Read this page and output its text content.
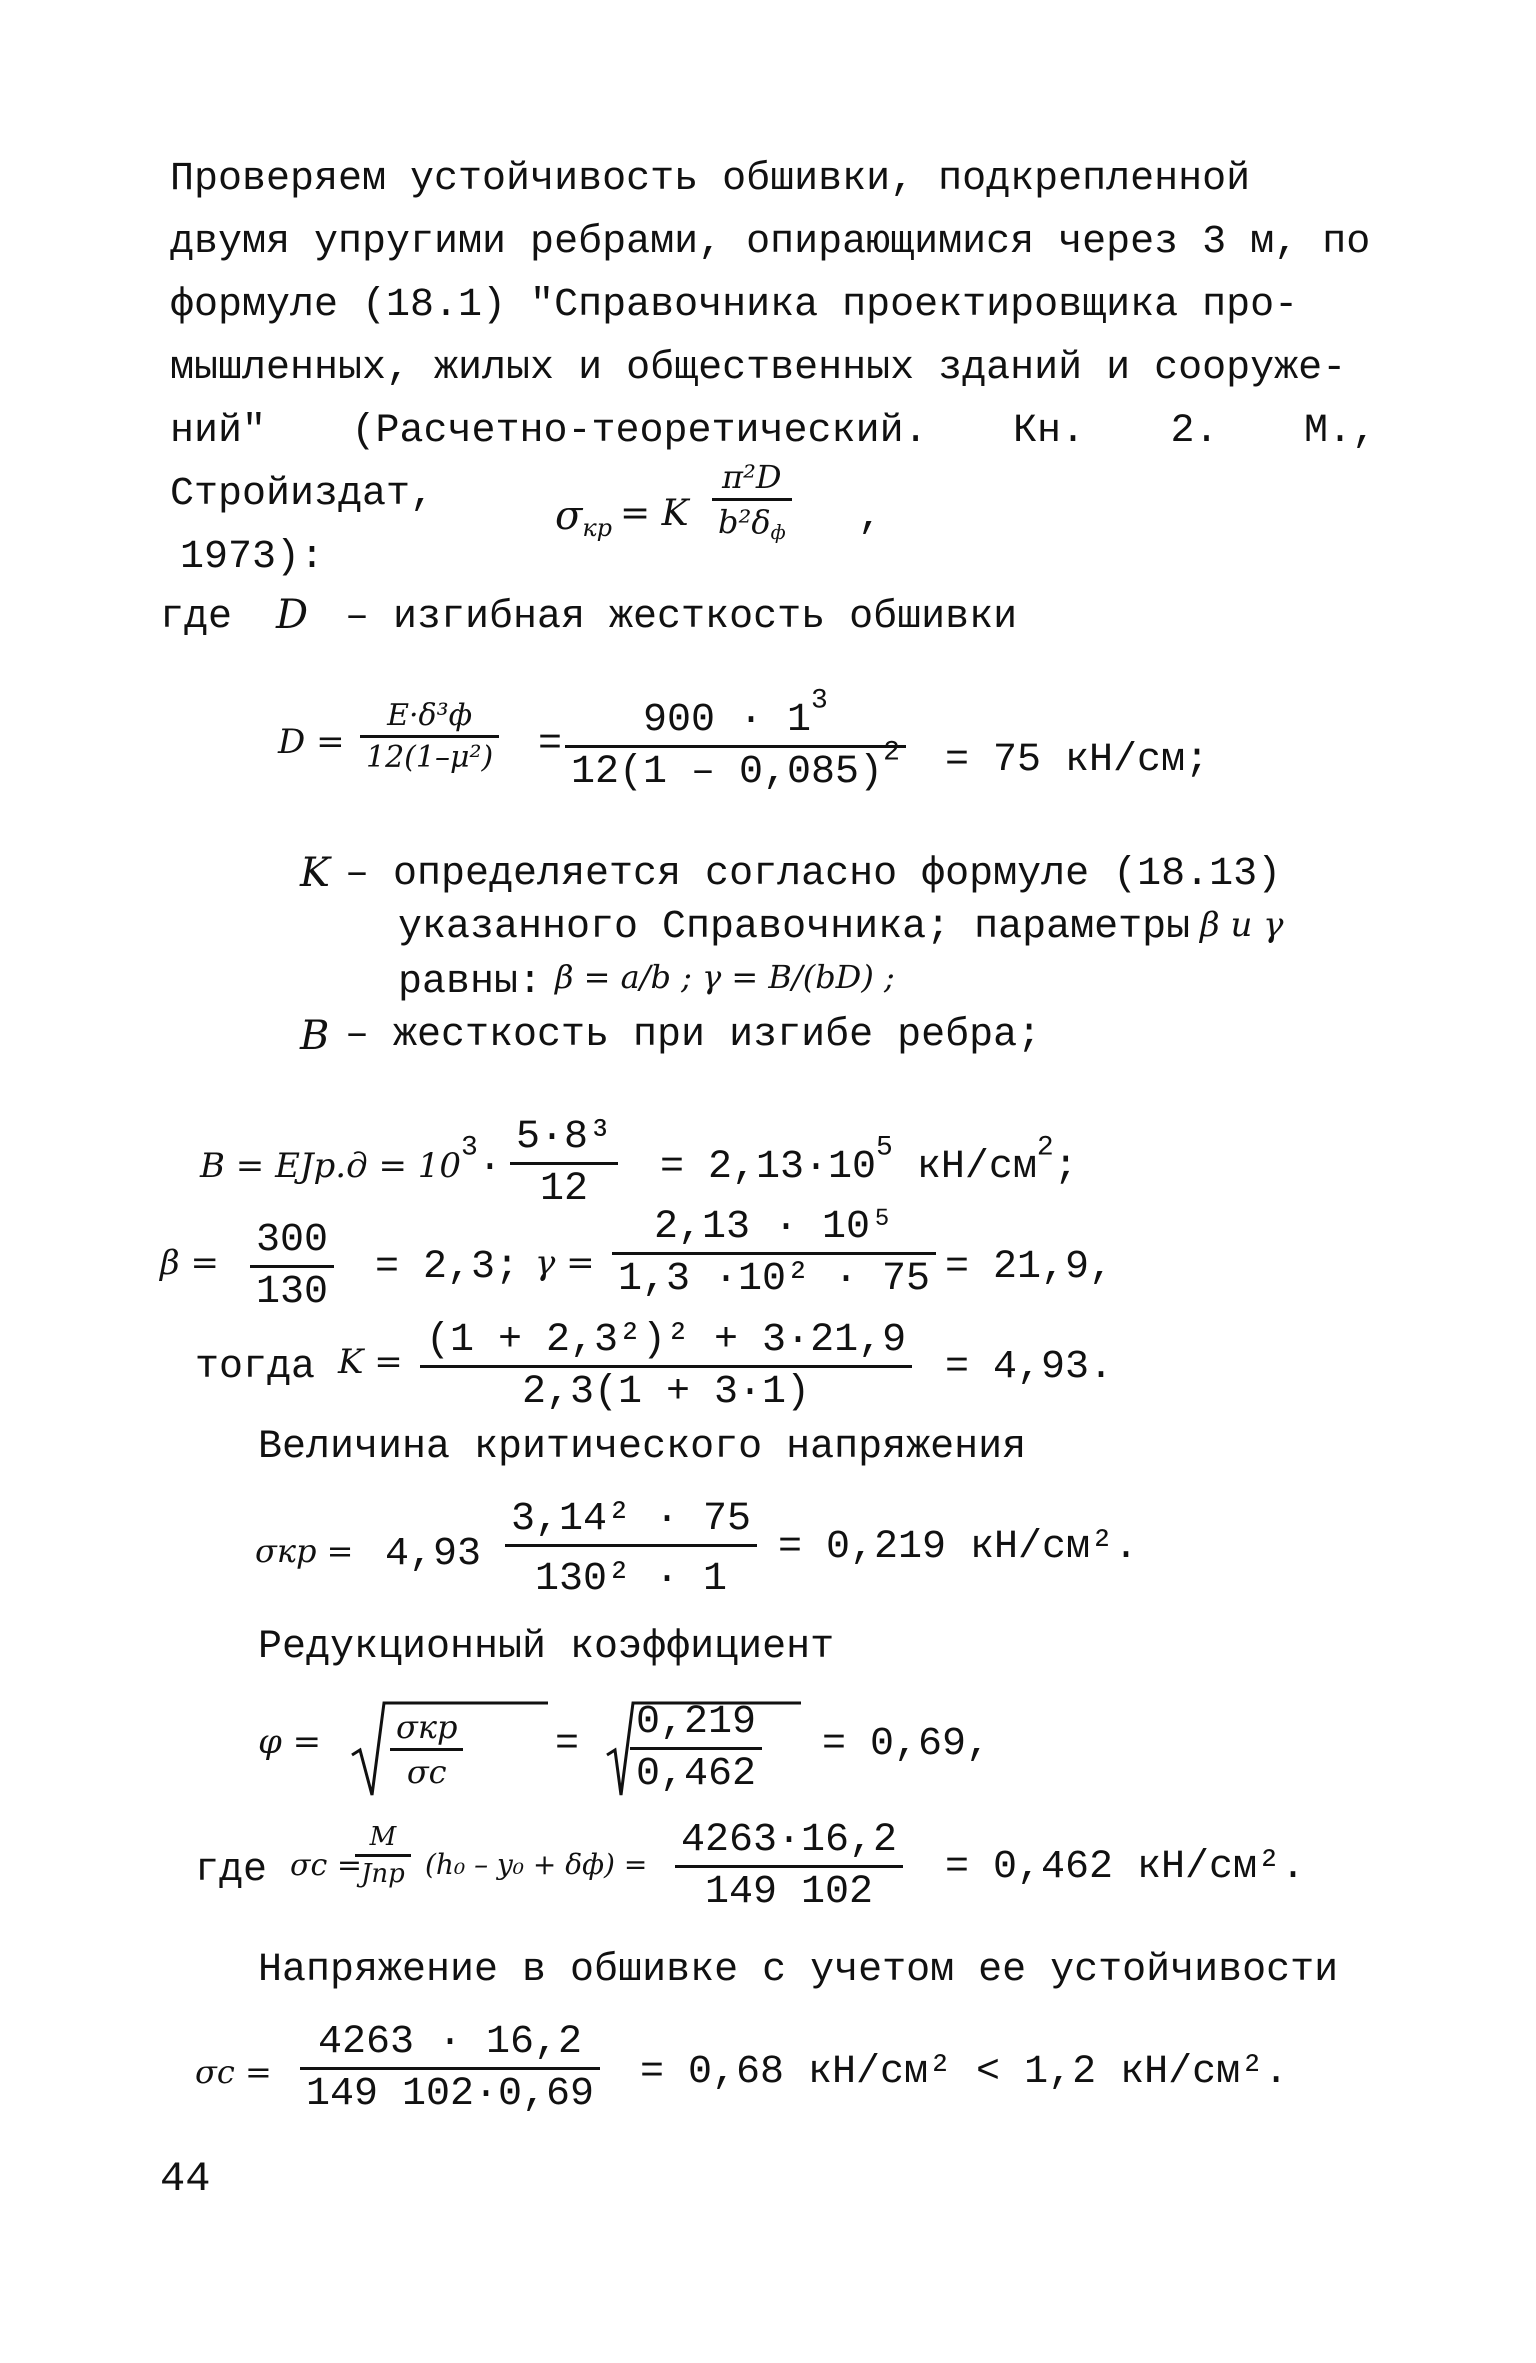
Проверяем устойчивость обшивки, подкрепленной

двумя упругими ребрами, опирающимися через 3 м, по

формуле (18.1) "Справочника проектировщика про-

мышленных, жилых и общественных зданий и сооруже-

ний" (Расчетно-теоретический. Кн. 2. М., Стройиздат,

1973):

$\sigma_{кр} = K$
π²D
$b^2\delta_ф$ ,
где D – изгибная жесткость обшивки
D =
E·δ³ф
$12(1-\mu^2) = \frac{900 \cdot 1^3}{12(1 - 0,085)^2} = 75$ кН/см;
K – определяется согласно формуле (18.13)
указанного Справочника; параметры β и γ
равны: β = a/b ; γ = B/(bD) ;
B – жесткость при изгибе ребра;
$B = EJр.д = 10^3\cdot \frac{\text{5·8³}}{12} = 2,13\cdot 10^5$ $кН/см^2$;
$\beta = \frac{300}{130} = 2,3$; $\gamma = \frac{\text{2,13 · 10⁵}}{\text{1,3 ·10² · 75}} = 21,9$,
тогда $K = \frac{\text{(1 + 2,3²)² + 3·21,9}}{2,3(1 + 3\cdot 1)} = 4,93$.
Величина критического напряжения
$\sigma кр = 4,93 \frac{\text{3,14² · 75}}{\text{130² · 1}} = 0,219$ кН/см².
Редукционный коэффициент
φ = σкр
σс
= $\frac{0,219}{0,462} = 0,69$,
где σс =
M
Jпр $(h_0 - y_0 + \delta ф) = \frac{4263\cdot 16,2}{149 102} = 0,462$ кН/см².
Напряжение в обшивке с учетом ее устойчивости
$\sigma с = \frac{4263 \cdot 16,2}{149 102\cdot 0,69} = 0,68$ кН/см² < 1,2 кН/см².
44
